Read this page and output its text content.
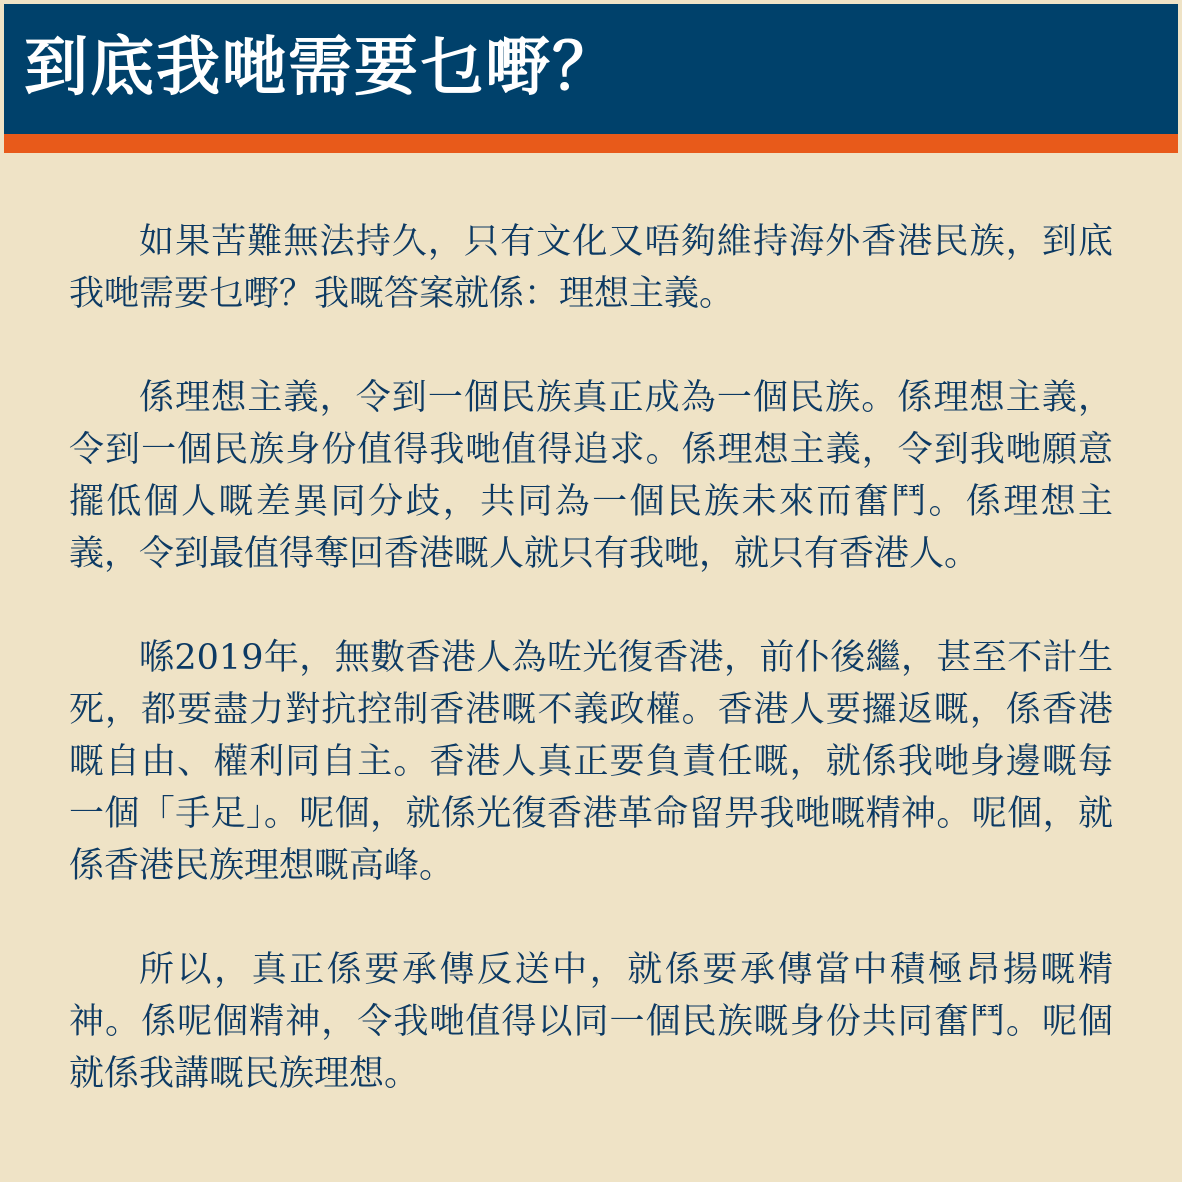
到底我哋需要乜嘢？

如果苦難無法持久，只有文化又唔夠維持海外香港民族，到底我哋需要乜嘢？我嘅答案就係：理想主義。

係理想主義，令到一個民族真正成為一個民族。係理想主義，令到一個民族身份值得我哋值得追求。係理想主義，令到我哋願意擺低個人嘅差異同分歧，共同為一個民族未來而奮鬥。係理想主義，令到最值得奪回香港嘅人就只有我哋，就只有香港人。

喺2019年，無數香港人為咗光復香港，前仆後繼，甚至不計生死，都要盡力對抗控制香港嘅不義政權。香港人要攞返嘅，係香港嘅自由、權利同自主。香港人真正要負責任嘅，就係我哋身邊嘅每一個「手足」。呢個，就係光復香港革命留畀我哋嘅精神。呢個，就係香港民族理想嘅高峰。

所以，真正係要承傳反送中，就係要承傳當中積極昂揚嘅精神。係呢個精神，令我哋值得以同一個民族嘅身份共同奮鬥。呢個就係我講嘅民族理想。
